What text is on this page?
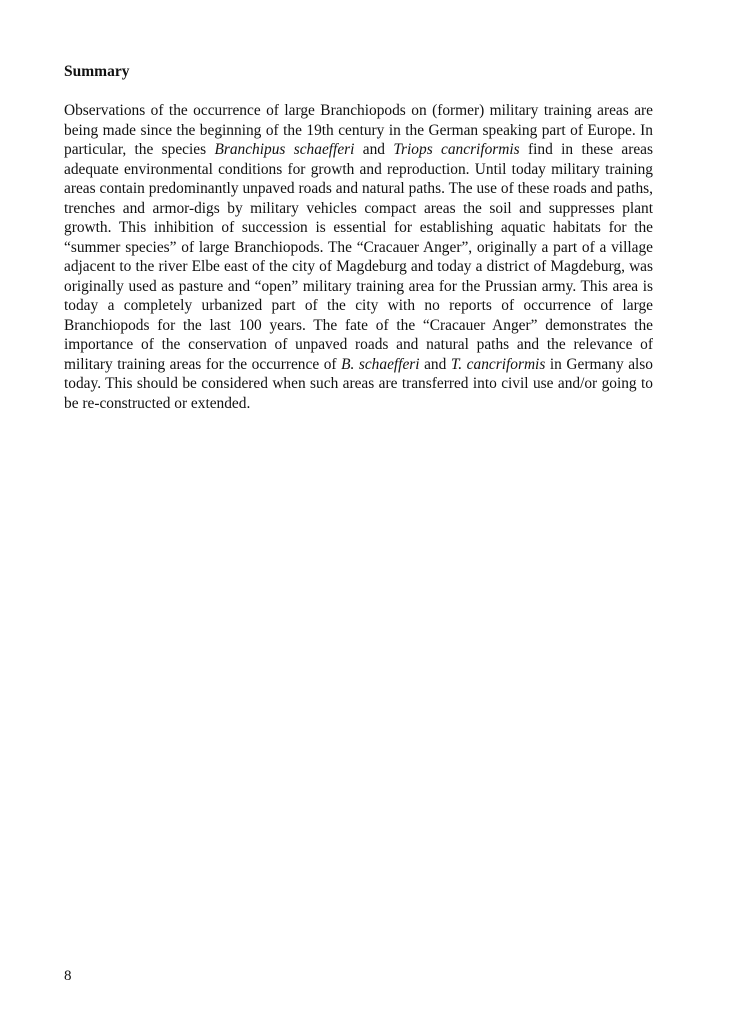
Summary

Observations of the occurrence of large Branchiopods on (former) military training areas are being made since the beginning of the 19th century in the German speaking part of Europe. In particular, the species Branchipus schaefferi and Triops cancriformis find in these areas adequate environmental conditions for growth and reproduction. Until today military training areas contain predominantly unpaved roads and natural paths. The use of these roads and paths, trenches and armor-digs by military vehicles compact areas the soil and suppresses plant growth. This inhibition of succession is essential for establishing aquatic habitats for the “summer species” of large Branchiopods. The “Cracauer Anger”, originally a part of a village adjacent to the river Elbe east of the city of Magdeburg and today a district of Magdeburg, was originally used as pasture and “open” military training area for the Prussian army. This area is today a completely urbanized part of the city with no reports of occurrence of large Branchiopods for the last 100 years. The fate of the “Cracauer Anger” demonstrates the importance of the conservation of unpaved roads and natural paths and the relevance of military training areas for the occurrence of B. schaefferi and T. cancriformis in Germany also today. This should be considered when such areas are transferred into civil use and/or going to be re-constructed or extended.

8
